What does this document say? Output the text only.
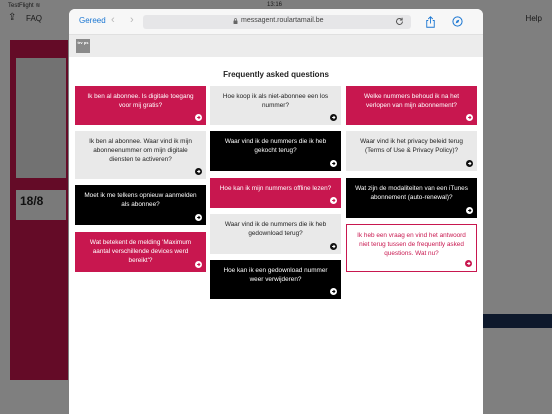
Gereed ‹ ›	messagent.roulartamail.be
trv ps
Frequently asked questions
Ik ben al abonnee. Is digitale toegang voor mij gratis?
Ik ben al abonnee. Waar vind ik mijn abonneenummer om mijn digitale diensten te activeren?
Moet ik me telkens opnieuw aanmelden als abonnee?
Wat betekent de melding 'Maximum aantal verschillende devices werd bereikt'?
Hoe koop ik als niet-abonnee een los nummer?
Waar vind ik de nummers die ik heb gekocht terug?
Hoe kan ik mijn nummers offline lezen?
Waar vind ik de nummers die ik heb gedownload terug?
Hoe kan ik een gedownload nummer weer verwijderen?
Welke nummers behoud ik na het verlopen van mijn abonnement?
Waar vind ik het privacy beleid terug (Terms of Use & Privacy Policy)?
Wat zijn de modaliteiten van een iTunes abonnement (auto-renewal)?
Ik heb een vraag en vind het antwoord niet terug tussen de frequently asked questions. Wat nu?
